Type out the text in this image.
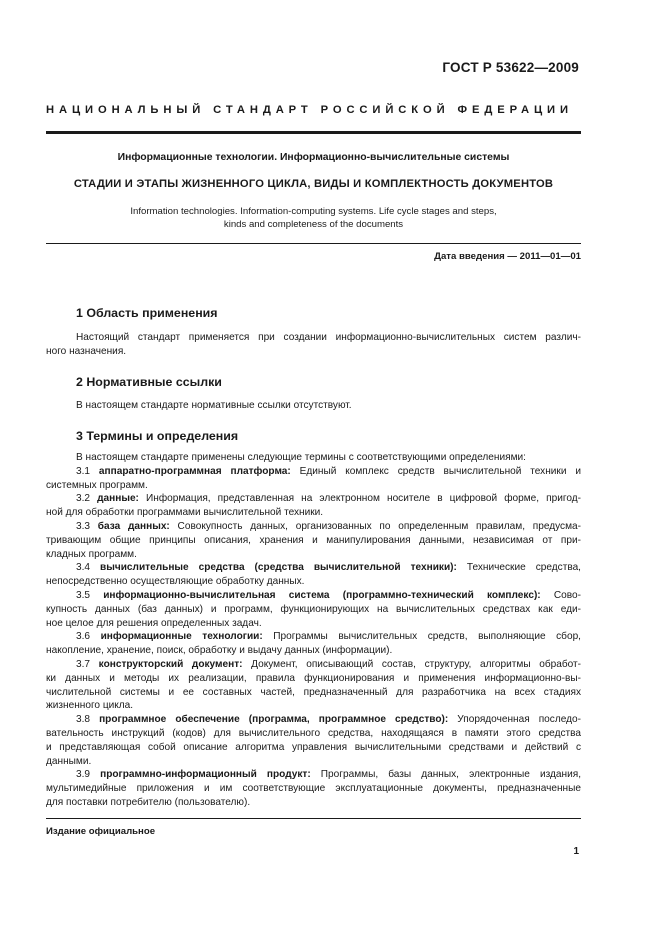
ГОСТ Р 53622—2009
НАЦИОНАЛЬНЫЙ СТАНДАРТ РОССИЙСКОЙ ФЕДЕРАЦИИ
Информационные технологии. Информационно-вычислительные системы
СТАДИИ И ЭТАПЫ ЖИЗНЕННОГО ЦИКЛА, ВИДЫ И КОМПЛЕКТНОСТЬ ДОКУМЕНТОВ
Information technologies. Information-computing systems. Life cycle stages and steps,
kinds and completeness of the documents
Дата введения — 2011—01—01
1 Область применения
Настоящий стандарт применяется при создании информационно-вычислительных систем различ-
ного назначения.
2 Нормативные ссылки
В настоящем стандарте нормативные ссылки отсутствуют.
3 Термины и определения
В настоящем стандарте применены следующие термины с соответствующими определениями:
3.1 аппаратно-программная платформа: Единый комплекс средств вычислительной техники и
системных программ.
3.2 данные: Информация, представленная на электронном носителе в цифровой форме, пригод-
ной для обработки программами вычислительной техники.
3.3 база данных: Совокупность данных, организованных по определенным правилам, предусма-
тривающим общие принципы описания, хранения и манипулирования данными, независимая от при-
кладных программ.
3.4 вычислительные средства (средства вычислительной техники): Технические средства,
непосредственно осуществляющие обработку данных.
3.5 информационно-вычислительная система (программно-технический комплекс): Сово-
купность данных (баз данных) и программ, функционирующих на вычислительных средствах как еди-
ное целое для решения определенных задач.
3.6 информационные технологии: Программы вычислительных средств, выполняющие сбор,
накопление, хранение, поиск, обработку и выдачу данных (информации).
3.7 конструкторский документ: Документ, описывающий состав, структуру, алгоритмы обработ-
ки данных и методы их реализации, правила функционирования и применения информационно-вы-
числительной системы и ее составных частей, предназначенный для разработчика на всех стадиях
жизненного цикла.
3.8 программное обеспечение (программа, программное средство): Упорядоченная последо-
вательность инструкций (кодов) для вычислительного средства, находящаяся в памяти этого средства
и представляющая собой описание алгоритма управления вычислительными средствами и действий с
данными.
3.9 программно-информационный продукт: Программы, базы данных, электронные издания,
мультимедийные приложения и им соответствующие эксплуатационные документы, предназначенные
для поставки потребителю (пользователю).
Издание официальное
1
